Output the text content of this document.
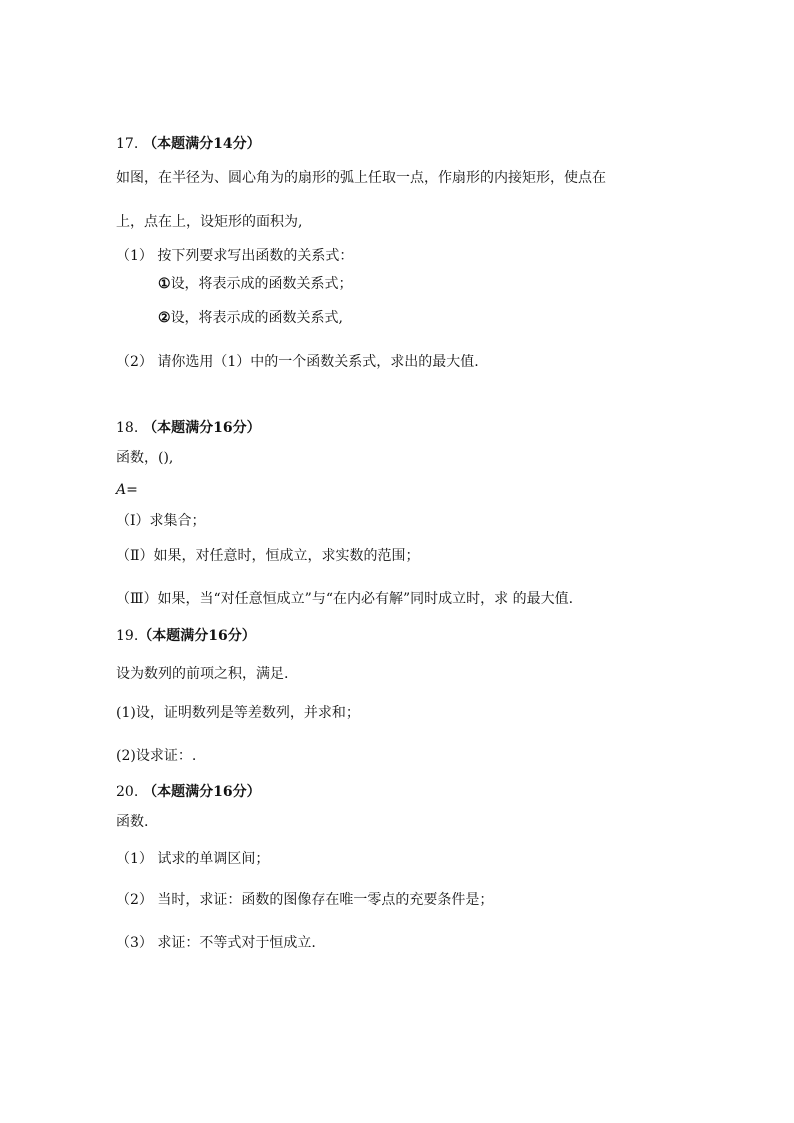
17. （本题满分14分）
如图，在半径为、圆心角为的扇形的弧上任取一点，作扇形的内接矩形，使点在
上，点在上，设矩形的面积为,
（1） 按下列要求写出函数的关系式：
①设，将表示成的函数关系式；
②设，将表示成的函数关系式,
（2） 请你选用（1）中的一个函数关系式，求出的最大值.
18. （本题满分16分）
函数，(),
A=
（Ⅰ）求集合；
（Ⅱ）如果，对任意时，恒成立，求实数的范围；
（Ⅲ）如果，当“对任意恒成立”与“在内必有解”同时成立时，求 的最大值.
19.（本题满分16分）
设为数列的前项之积，满足.
(1)设，证明数列是等差数列，并求和；
(2)设求证：.
20. （本题满分16分）
函数.
（1） 试求的单调区间；
（2） 当时，求证：函数的图像存在唯一零点的充要条件是；
（3） 求证：不等式对于恒成立.
